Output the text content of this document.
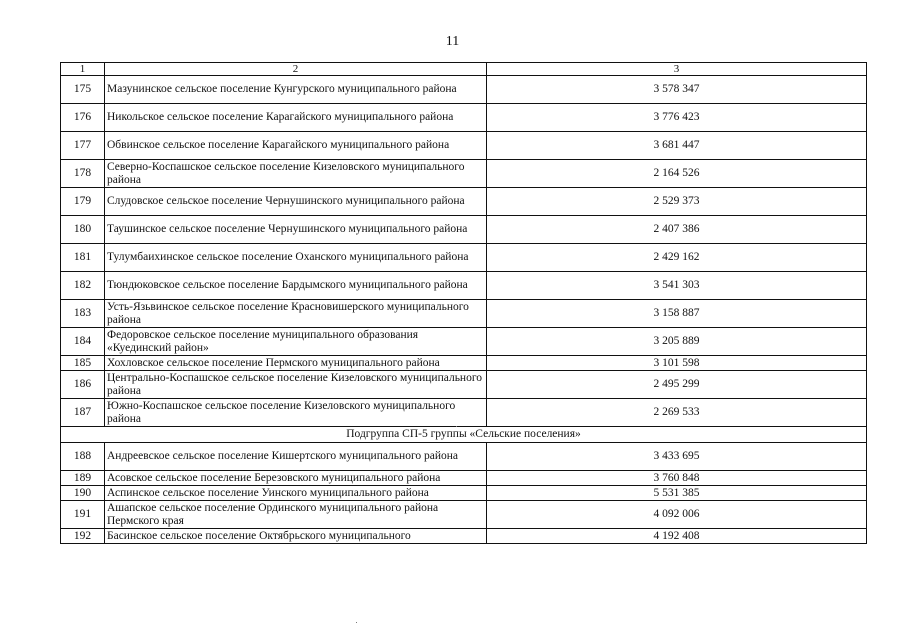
11
1	2	3
175	Мазунинское сельское поселение Кунгурского муниципального района	3 578 347
176	Никольское сельское поселение Карагайского муниципального района	3 776 423
177	Обвинское сельское поселение Карагайского муниципального района	3 681 447
178	Северно-Коспашское сельское поселение Кизеловского муниципального района	2 164 526
179	Слудовское сельское поселение Чернушинского муниципального района	2 529 373
180	Таушинское сельское поселение Чернушинского муниципального района	2 407 386
181	Тулумбаихинское сельское поселение Оханского муниципального района	2 429 162
182	Тюндюковское сельское поселение Бардымского муниципального района	3 541 303
183	Усть-Язьвинское сельское поселение Красновишерского муниципального района	3 158 887
184	Федоровское сельское поселение муниципального образования «Куединский район»	3 205 889
185	Хохловское сельское поселение Пермского муниципального района	3 101 598
186	Центрально-Коспашское сельское поселение Кизеловского муниципального района	2 495 299
187	Южно-Коспашское сельское поселение Кизеловского муниципального района	2 269 533
Подгруппа СП-5 группы «Сельские поселения»		
188	Андреевское сельское поселение Кишертского муниципального района	3 433 695
189	Асовское сельское поселение Березовского муниципального района	3 760 848
190	Аспинское сельское поселение Уинского муниципального района	5 531 385
191	Ашапское сельское поселение Ординского муниципального района Пермского края	4 092 006
192	Басинское сельское поселение Октябрьского муниципального	4 192 408
